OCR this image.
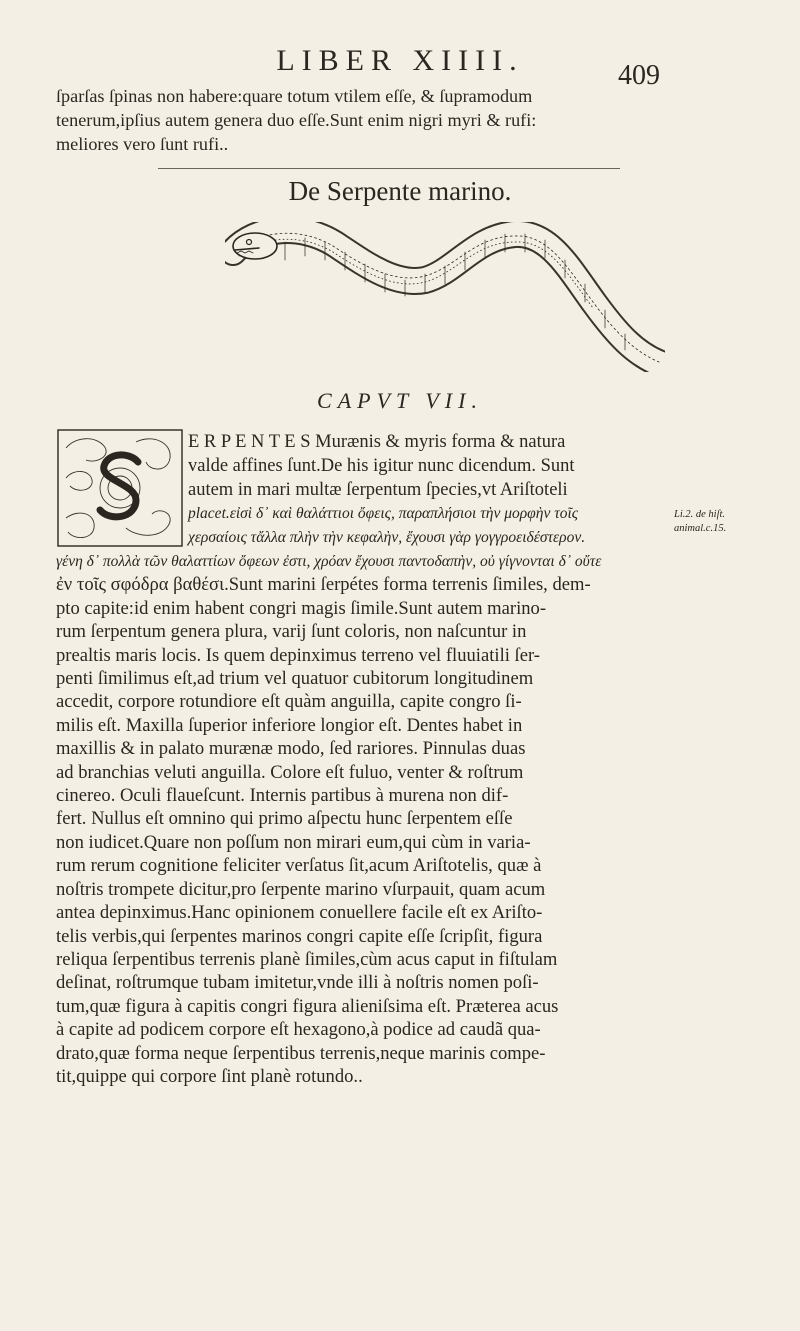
LIBER XIIII.	409
ſparſas ſpinas non habere:quare totum vtilem eſſe, & ſupramodum
tenerum,ipſius autem genera duo eſſe.Sunt enim nigri myri & rufi:
meliores vero ſunt rufi..
De Serpente marino.
CAPVT VII.
E R P E N T E S Murænis & myris forma & natura
valde affines ſunt.De his igitur nunc dicendum. Sunt
autem in mari multæ ſerpentum ſpecies,vt Ariſtoteli
placet.εἰσὶ δ᾽ καὶ θαλάττιοι ὄφεις, παραπλήσιοι τὴν μορφὴν τοῖς
χερσαίοις τἄλλα πλὴν τὴν κεφαλὴν, ἔχουσι γὰρ γογγροειδέστερον.
Li.2. de hiſt.
animal.c.15.
γένη δ᾽ πολλὰ τῶν θαλαττίων ὄφεων ἐστι, χρόαν ἔχουσι παντοδαπὴν, οὐ γίγνονται δ᾽ οὔτε
ἐν τοῖς σφόδρα βαθέσι.Sunt marini ſerpétes forma terrenis ſimiles, dem-
pto capite:id enim habent congri magis ſimile.Sunt autem marino-
rum ſerpentum genera plura, varij ſunt coloris, non naſcuntur in
prealtis maris locis. Is quem depinximus terreno vel fluuiatili ſer-
penti ſimilimus eſt,ad trium vel quatuor cubitorum longitudinem
accedit, corpore rotundiore eſt quàm anguilla, capite congro ſi-
milis eſt. Maxilla ſuperior inferiore longior eſt. Dentes habet in
maxillis & in palato murænæ modo, ſed rariores. Pinnulas duas
ad branchias veluti anguilla. Colore eſt fuluo, venter & roſtrum
cinereo. Oculi flaueſcunt. Internis partibus à murena non dif-
fert. Nullus eſt omnino qui primo aſpectu hunc ſerpentem eſſe
non iudicet.Quare non poſſum non mirari eum,qui cùm in varia-
rum rerum cognitione feliciter verſatus ſit,acum Ariſtotelis, quæ à
noſtris trompete dicitur,pro ſerpente marino vſurpauit, quam acum
antea depinximus.Hanc opinionem conuellere facile eſt ex Ariſto-
telis verbis,qui ſerpentes marinos congri capite eſſe ſcripſit, figura
reliqua ſerpentibus terrenis planè ſimiles,cùm acus caput in fiſtulam
deſinat, roſtrumque tubam imitetur,vnde illi à noſtris nomen poſi-
tum,quæ figura à capitis congri figura alieniſsima eſt. Præterea acus
à capite ad podicem corpore eſt hexagono,à podice ad caudã qua-
drato,quæ forma neque ſerpentibus terrenis,neque marinis compe-
tit,quippe qui corpore ſint planè rotundo..
